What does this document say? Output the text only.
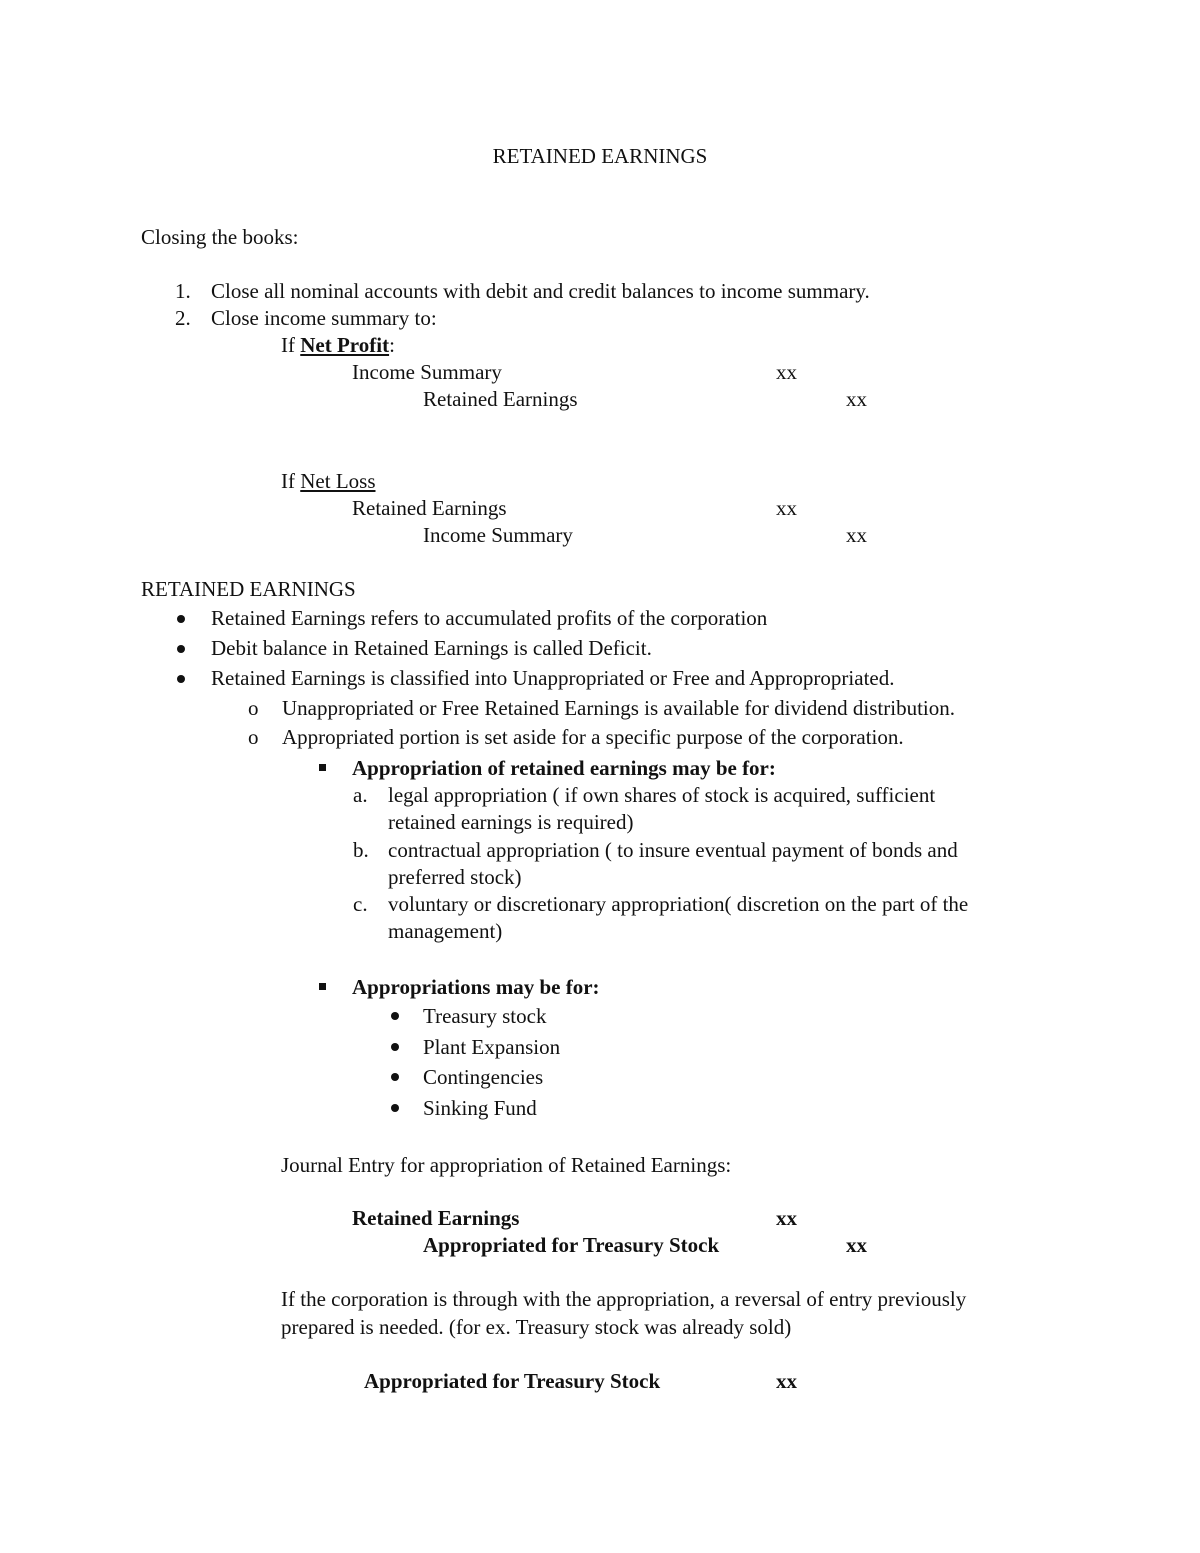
RETAINED EARNINGS
Closing the books:
1. Close all nominal accounts with debit and credit balances to income summary.
2. Close income summary to:
If Net Profit:
Income Summary	xx
Retained Earnings	xx
If Net Loss
Retained Earnings	xx
Income Summary	xx
RETAINED EARNINGS
Retained Earnings refers to accumulated profits of the corporation
Debit balance in Retained Earnings is called Deficit.
Retained Earnings is classified into Unappropriated or Free and Appropropriated.
o Unappropriated or Free Retained Earnings is available for dividend distribution.
o Appropriated portion is set aside for a specific purpose of the corporation.
Appropriation of retained earnings may be for:
a. legal appropriation ( if own shares of stock is acquired, sufficient
retained earnings is required)
b. contractual appropriation ( to insure eventual payment of bonds and
preferred stock)
c. voluntary or discretionary appropriation( discretion on the part of the
management)
Appropriations may be for:
Treasury stock
Plant Expansion
Contingencies
Sinking Fund
Journal Entry for appropriation of Retained Earnings:
Retained Earnings	xx
Appropriated for Treasury Stock	xx
If the corporation is through with the appropriation, a reversal of entry previously
prepared is needed. (for ex. Treasury stock was already sold)
Appropriated for Treasury Stock	xx
